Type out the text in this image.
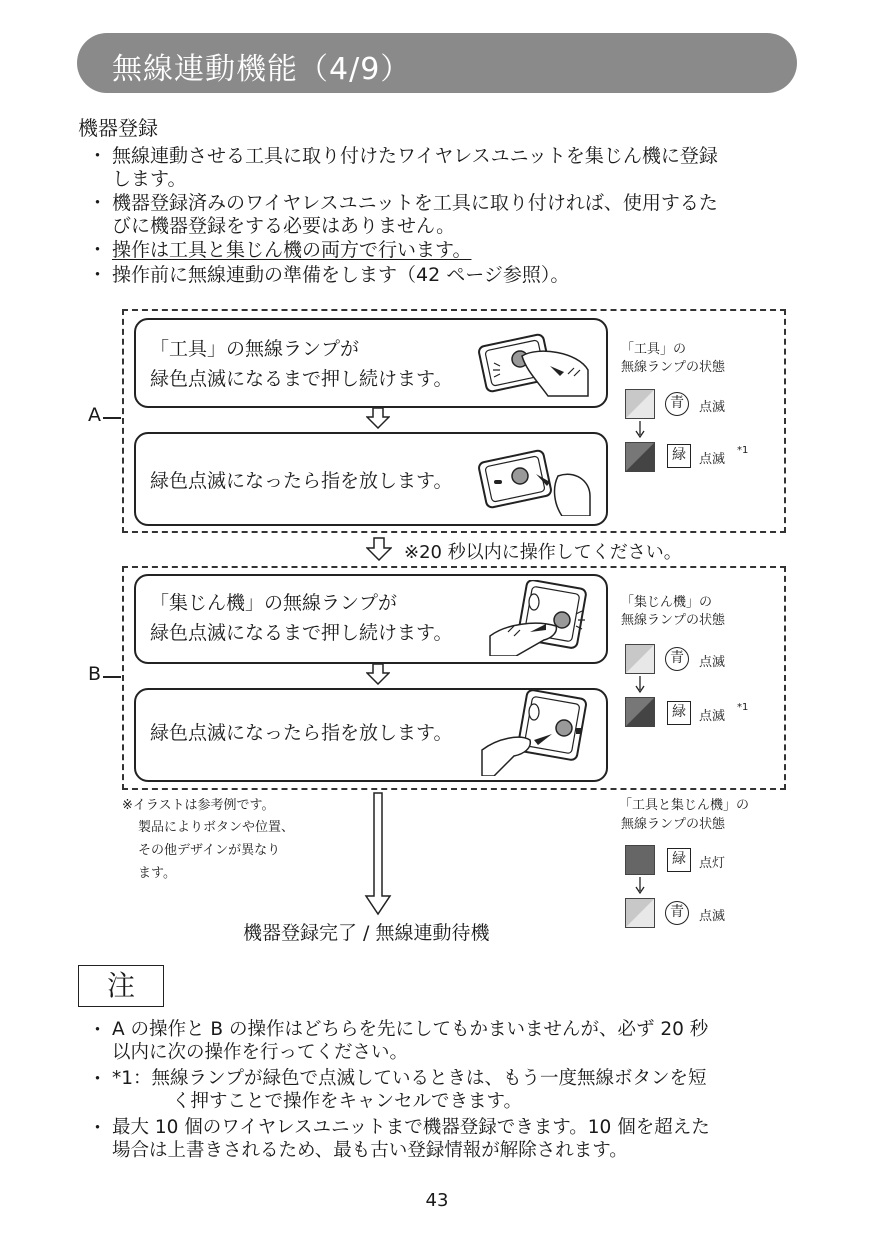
無線連動機能（4/9）
機器登録
・ 無線連動させる工具に取り付けたワイヤレスユニットを集じん機に登録
します。
・ 機器登録済みのワイヤレスユニットを工具に取り付ければ、使用するた
びに機器登録をする必要はありません。
・ 操作は工具と集じん機の両方で行います。
・ 操作前に無線連動の準備をします（42 ページ参照）。
A
「工具」の無線ランプが
緑色点滅になるまで押し続けます。
緑色点滅になったら指を放します。
「工具」の
無線ランプの状態
青	点滅
緑	点滅
*1
※20 秒以内に操作してください。
B
「集じん機」の無線ランプが
緑色点滅になるまで押し続けます。
緑色点滅になったら指を放します。
「集じん機」の
無線ランプの状態
青	点滅
緑	点滅
*1
※イラストは参考例です。
製品によりボタンや位置、
その他デザインが異なり
ます。
機器登録完了 / 無線連動待機
「工具と集じん機」の
無線ランプの状態
緑	点灯
青	点滅
注
・ A の操作と B の操作はどちらを先にしてもかまいませんが、必ず 20 秒
以内に次の操作を行ってください。
・ *1：無線ランプが緑色で点滅しているときは、もう一度無線ボタンを短
く押すことで操作をキャンセルできます。
・ 最大 10 個のワイヤレスユニットまで機器登録できます。10 個を超えた
場合は上書きされるため、最も古い登録情報が解除されます。
43
